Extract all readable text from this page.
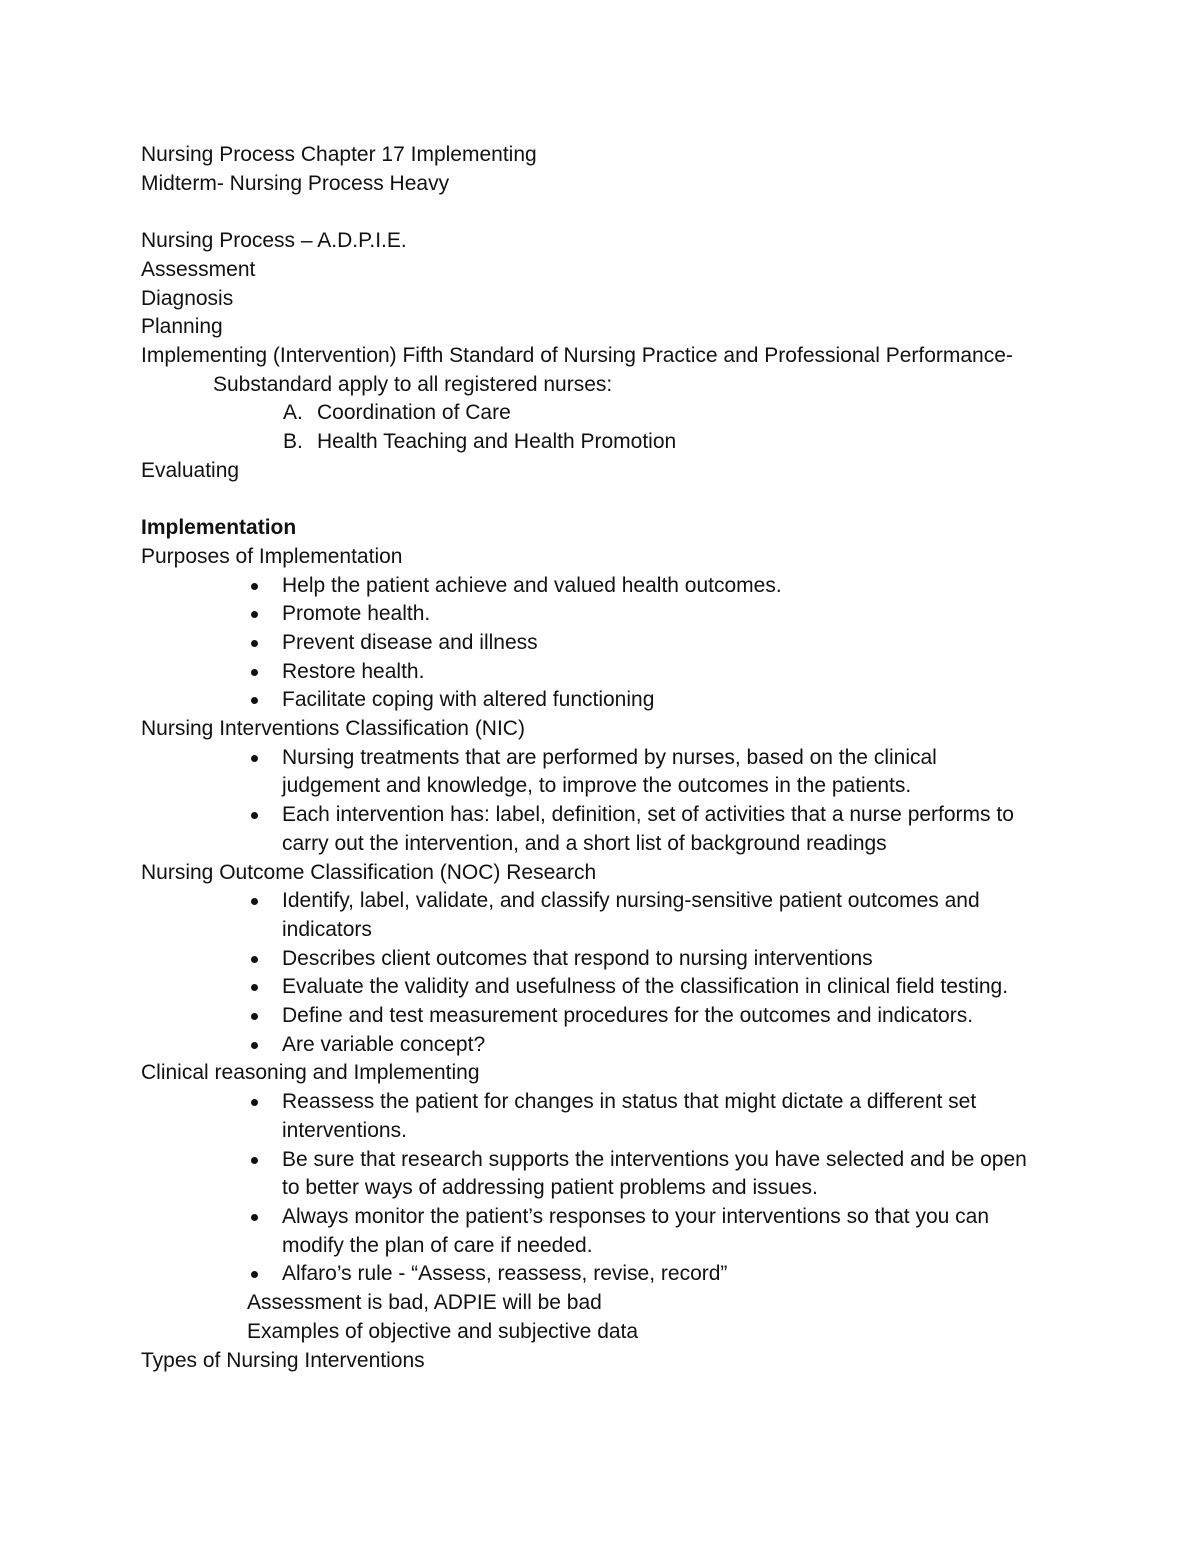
Nursing Process Chapter 17 Implementing

Midterm- Nursing Process Heavy

Nursing Process – A.D.P.I.E.

Assessment

Diagnosis

Planning

Implementing (Intervention) Fifth Standard of Nursing Practice and Professional Performance-

Substandard apply to all registered nurses:

A. Coordination of Care
B. Health Teaching and Health Promotion

Evaluating

Implementation

Purposes of Implementation

Help the patient achieve and valued health outcomes.
Promote health.
Prevent disease and illness
Restore health.
Facilitate coping with altered functioning

Nursing Interventions Classification (NIC)

Nursing treatments that are performed by nurses, based on the clinical
judgement and knowledge, to improve the outcomes in the patients.
Each intervention has: label, definition, set of activities that a nurse performs to
carry out the intervention, and a short list of background readings

Nursing Outcome Classification (NOC) Research

Identify, label, validate, and classify nursing-sensitive patient outcomes and
indicators
Describes client outcomes that respond to nursing interventions
Evaluate the validity and usefulness of the classification in clinical field testing.
Define and test measurement procedures for the outcomes and indicators.
Are variable concept?

Clinical reasoning and Implementing

Reassess the patient for changes in status that might dictate a different set
interventions.
Be sure that research supports the interventions you have selected and be open
to better ways of addressing patient problems and issues.
Always monitor the patient’s responses to your interventions so that you can
modify the plan of care if needed.
Alfaro’s rule - “Assess, reassess, revise, record”

Assessment is bad, ADPIE will be bad

Examples of objective and subjective data

Types of Nursing Interventions
